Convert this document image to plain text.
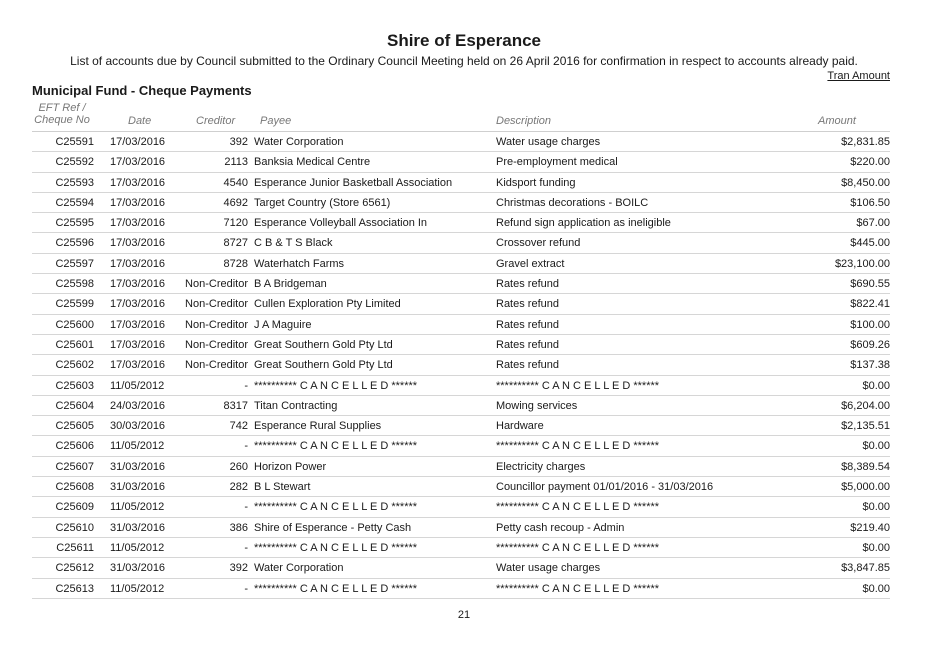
Shire of Esperance
List of accounts due by Council submitted to the Ordinary Council Meeting held on 26 April 2016 for confirmation in respect to accounts already paid.
Tran Amount
Municipal Fund - Cheque Payments
EFT Ref /
Cheque No	Date	Creditor Payee	Description	Amount
C25591 17/03/2016	392 Water Corporation	Water usage charges	$2,831.85
C25592 17/03/2016	2113 Banksia Medical Centre	Pre-employment medical	$220.00
C25593 17/03/2016	4540 Esperance Junior Basketball Association	Kidsport funding	$8,450.00
C25594 17/03/2016	4692 Target Country (Store 6561)	Christmas decorations - BOILC	$106.50
C25595 17/03/2016	7120 Esperance Volleyball Association In	Refund sign application as ineligible	$67.00
C25596 17/03/2016	8727 C B & T S Black	Crossover refund	$445.00
C25597 17/03/2016	8728 Waterhatch Farms	Gravel extract	$23,100.00
C25598 17/03/2016	Non-Creditor B A Bridgeman	Rates refund	$690.55
C25599 17/03/2016	Non-Creditor Cullen Exploration Pty Limited	Rates refund	$822.41
C25600 17/03/2016	Non-Creditor J A Maguire	Rates refund	$100.00
C25601 17/03/2016	Non-Creditor Great Southern Gold Pty Ltd	Rates refund	$609.26
C25602 17/03/2016	Non-Creditor Great Southern Gold Pty Ltd	Rates refund	$137.38
C25603 11/05/2012	- ********** C A N C E L L E D ******	********** C A N C E L L E D ******	$0.00
C25604 24/03/2016	8317 Titan Contracting	Mowing services	$6,204.00
C25605 30/03/2016	742 Esperance Rural Supplies	Hardware	$2,135.51
C25606 11/05/2012	- ********** C A N C E L L E D ******	********** C A N C E L L E D ******	$0.00
C25607 31/03/2016	260 Horizon Power	Electricity charges	$8,389.54
C25608 31/03/2016	282 B L Stewart	Councillor payment 01/01/2016 - 31/03/2016	$5,000.00
C25609 11/05/2012	- ********** C A N C E L L E D ******	********** C A N C E L L E D ******	$0.00
C25610 31/03/2016	386 Shire of Esperance - Petty Cash	Petty cash recoup - Admin	$219.40
C25611 11/05/2012	- ********** C A N C E L L E D ******	********** C A N C E L L E D ******	$0.00
C25612 31/03/2016	392 Water Corporation	Water usage charges	$3,847.85
C25613 11/05/2012	- ********** C A N C E L L E D ******	********** C A N C E L L E D ******	$0.00
21
